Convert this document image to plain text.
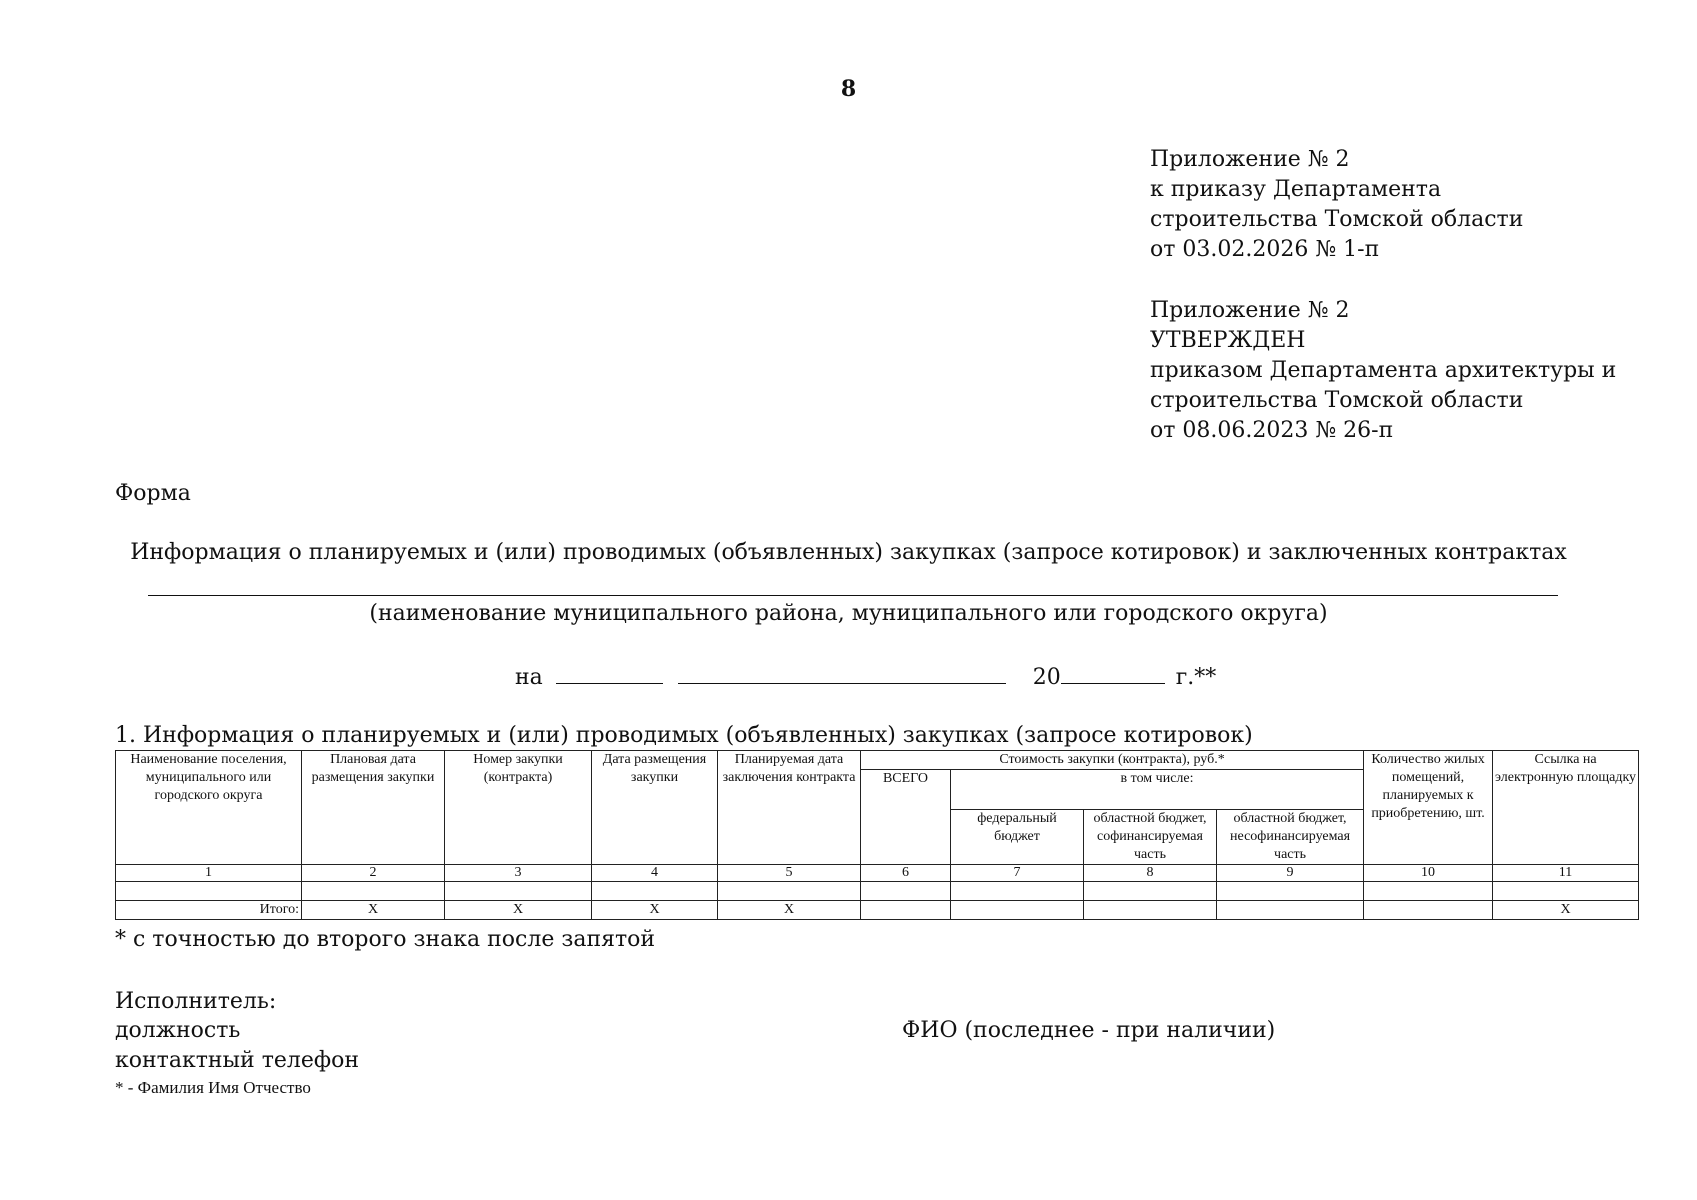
8
Приложение № 2
к приказу Департамента
строительства Томской области
от 03.02.2026 № 1-п
Приложение № 2
УТВЕРЖДЕН
приказом Департамента архитектуры и
строительства Томской области
от 08.06.2023 № 26-п
Форма
Информация о планируемых и (или) проводимых (объявленных) закупках (запросе котировок) и заключенных контрактах
(наименование муниципального района, муниципального или городского округа)
на	20	г.**
1. Информация о планируемых и (или) проводимых (объявленных) закупках (запросе котировок)
Наименование поселения, муниципального или городского округа	Плановая дата размещения закупки	Номер закупки (контракта)	Дата размещения закупки	Планируемая дата заключения контракта	Стоимость закупки (контракта), руб.*				Количество жилых помещений, планируемых к приобретению, шт.	Ссылка на электронную площадку
					ВСЕГО	в том числе:				
						федеральный бюджет	областной бюджет, софинансируемая часть	областной бюджет, несофинансируемая часть		
1	2	3	4	5	6	7	8	9	10	11

Итого:	Х	Х	Х	Х						Х
* с точностью до второго знака после запятой
Исполнитель:
должность
контактный телефон
ФИО (последнее - при наличии)
* - Фамилия Имя Отчество
